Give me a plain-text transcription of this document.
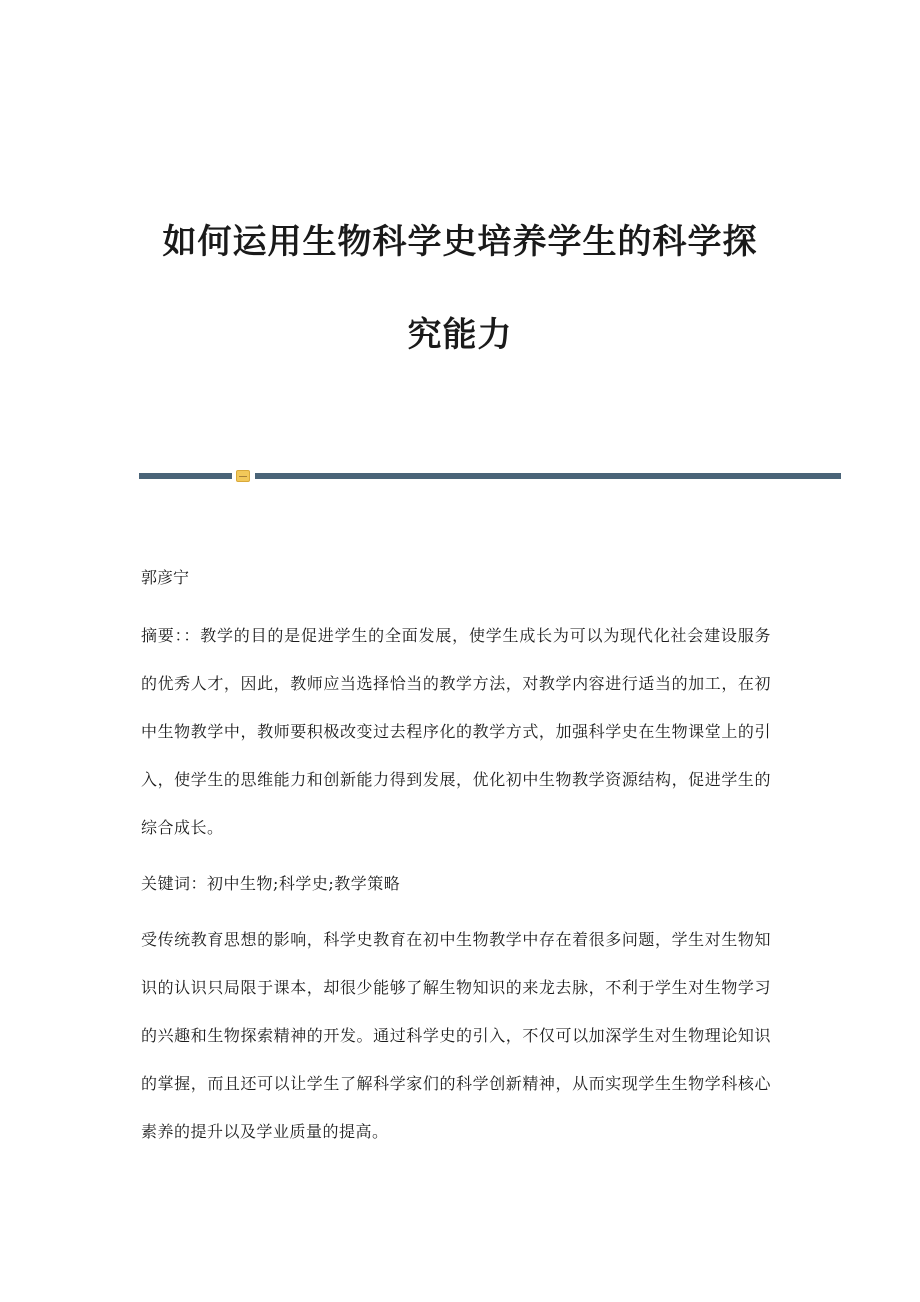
如何运用生物科学史培养学生的科学探
究能力

郭彦宁

摘要：：教学的目的是促进学生的全面发展，使学生成长为可以为现代化社会建设服务的优秀人才，因此，教师应当选择恰当的教学方法，对教学内容进行适当的加工，在初中生物教学中，教师要积极改变过去程序化的教学方式，加强科学史在生物课堂上的引入，使学生的思维能力和创新能力得到发展，优化初中生物教学资源结构，促进学生的综合成长。

关键词：初中生物;科学史;教学策略

受传统教育思想的影响，科学史教育在初中生物教学中存在着很多问题，学生对生物知识的认识只局限于课本，却很少能够了解生物知识的来龙去脉，不利于学生对生物学习的兴趣和生物探索精神的开发。通过科学史的引入，不仅可以加深学生对生物理论知识的掌握，而且还可以让学生了解科学家们的科学创新精神，从而实现学生生物学科核心素养的提升以及学业质量的提高。
